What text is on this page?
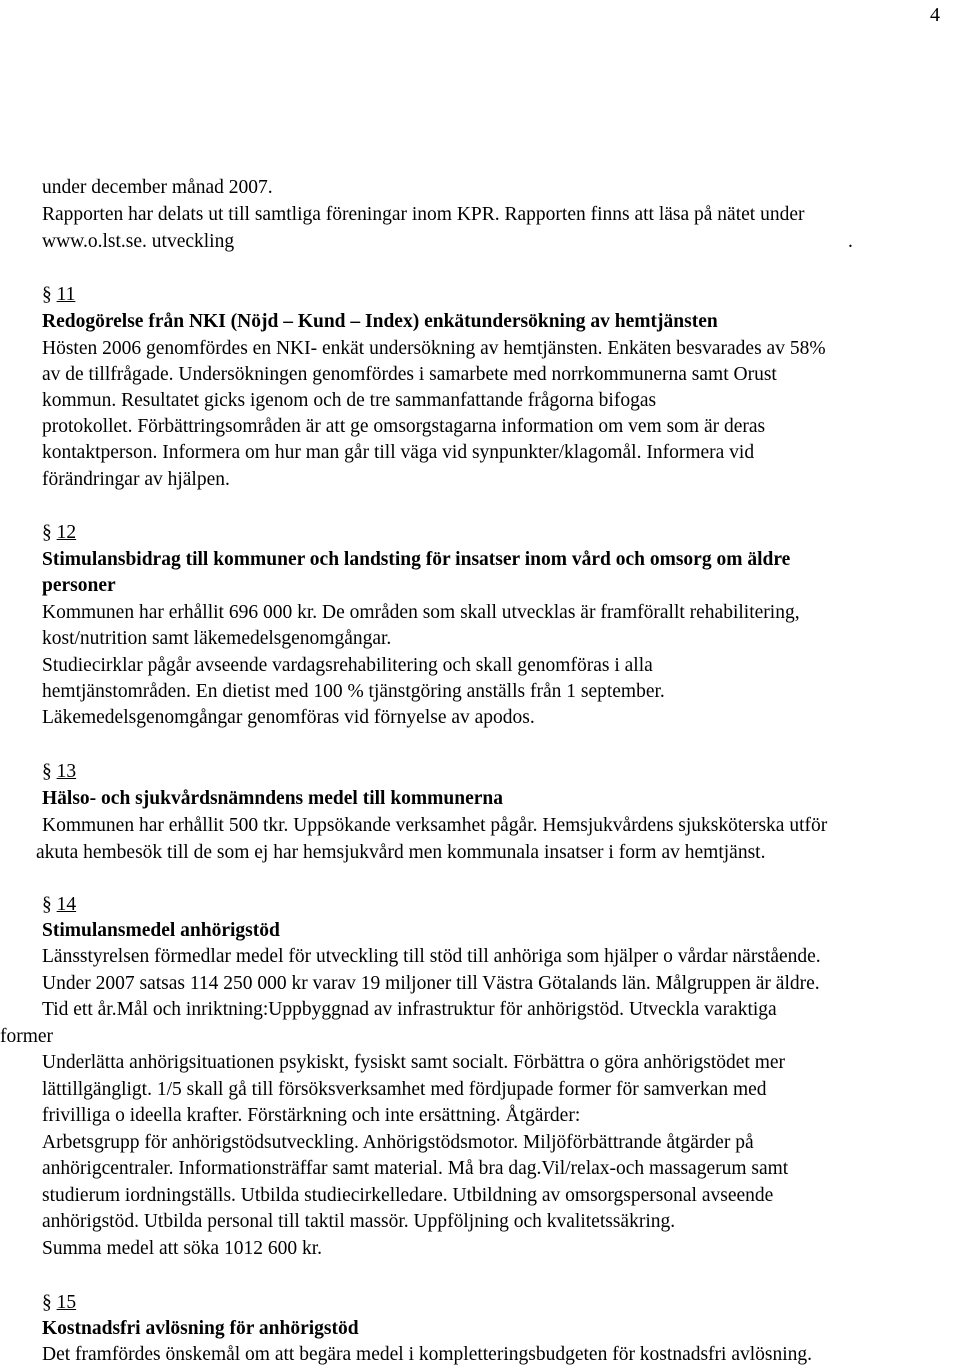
4
under december månad 2007.
Rapporten har delats ut till samtliga föreningar inom KPR. Rapporten finns att läsa på nätet under
www.o.lst.se. utveckling	.
§ 11
Redogörelse från NKI (Nöjd – Kund – Index) enkätundersökning av hemtjänsten
Hösten 2006 genomfördes en NKI- enkät undersökning av hemtjänsten. Enkäten besvarades av 58%
av de tillfrågade. Undersökningen genomfördes i samarbete med norrkommunerna samt Orust
kommun. Resultatet gicks igenom och de tre sammanfattande frågorna bifogas
protokollet. Förbättringsområden är att ge omsorgstagarna information om vem som är deras
kontaktperson. Informera om hur man går till väga vid synpunkter/klagomål. Informera vid
förändringar av hjälpen.
§ 12
Stimulansbidrag till kommuner och landsting för insatser inom vård och omsorg om äldre
personer
Kommunen har erhållit 696 000 kr. De områden som skall utvecklas är framförallt rehabilitering,
kost/nutrition samt läkemedelsgenomgångar.
Studiecirklar pågår avseende vardagsrehabilitering och skall genomföras i alla
hemtjänstområden. En dietist med 100 % tjänstgöring anställs från 1 september.
Läkemedelsgenomgångar genomföras vid förnyelse av apodos.
§ 13
Hälso- och sjukvårdsnämndens medel till kommunerna
Kommunen har erhållit 500 tkr. Uppsökande verksamhet pågår. Hemsjukvårdens sjuksköterska utför
akuta hembesök till de som ej har hemsjukvård men kommunala insatser i form av hemtjänst.
§ 14
Stimulansmedel anhörigstöd
Länsstyrelsen förmedlar medel för utveckling till stöd till anhöriga som hjälper o vårdar närstående.
Under 2007 satsas 114 250 000 kr varav 19 miljoner till Västra Götalands län. Målgruppen är äldre.
Tid ett år.Mål och inriktning:Uppbyggnad av infrastruktur för anhörigstöd. Utveckla varaktiga
former
Underlätta anhörigsituationen psykiskt, fysiskt samt socialt. Förbättra o göra anhörigstödet mer
lättillgängligt. 1/5 skall gå till försöksverksamhet med fördjupade former för samverkan med
frivilliga o ideella krafter. Förstärkning och inte ersättning. Åtgärder:
Arbetsgrupp för anhörigstödsutveckling. Anhörigstödsmotor. Miljöförbättrande åtgärder på
anhörigcentraler. Informationsträffar samt material. Må bra dag.Vil/relax-och massagerum samt
studierum iordningställs. Utbilda studiecirkelledare. Utbildning av omsorgspersonal avseende
anhörigstöd. Utbilda personal till taktil massör. Uppföljning och kvalitetssäkring.
Summa medel att söka 1012 600 kr.
§ 15
Kostnadsfri avlösning för anhörigstöd
Det framfördes önskemål om att begära medel i kompletteringsbudgeten för kostnadsfri avlösning.
